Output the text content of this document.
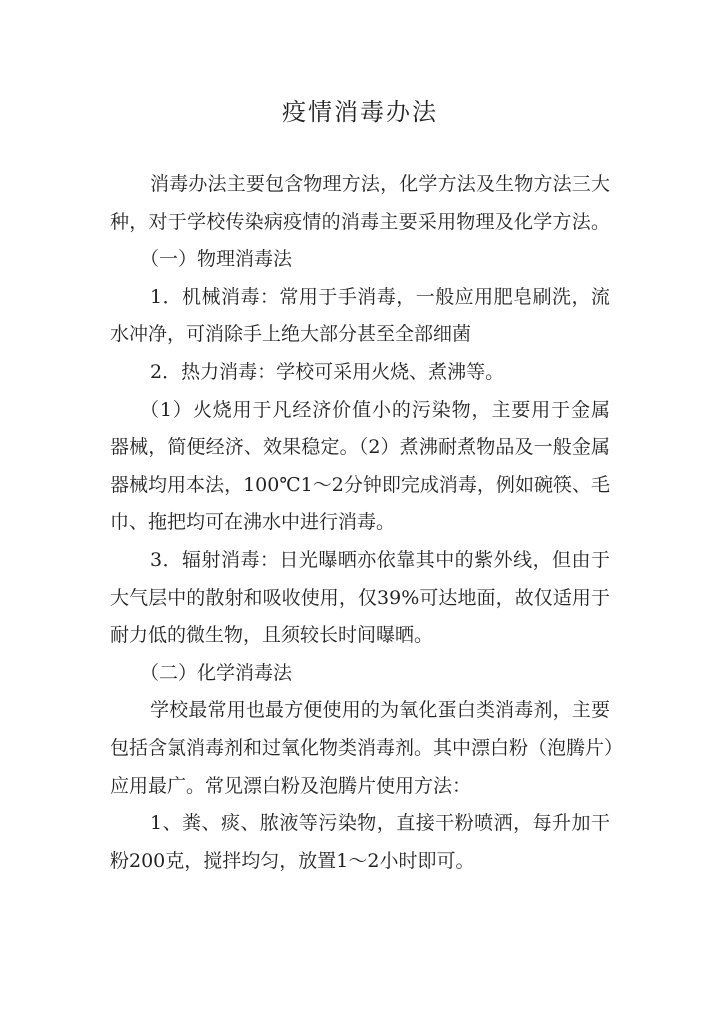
疫情消毒办法
消毒办法主要包含物理方法，化学方法及生物方法三大
种，对于学校传染病疫情的消毒主要采用物理及化学方法。
（一）物理消毒法
1．机械消毒：常用于手消毒，一般应用肥皂刷洗，流
水冲净，可消除手上绝大部分甚至全部细菌
2．热力消毒：学校可采用火烧、煮沸等。
（1）火烧用于凡经济价值小的污染物，主要用于金属
器械，简便经济、效果稳定。（2）煮沸耐煮物品及一般金属
器械均用本法，100℃1～2分钟即完成消毒，例如碗筷、毛
巾、拖把均可在沸水中进行消毒。
3．辐射消毒：日光曝晒亦依靠其中的紫外线，但由于
大气层中的散射和吸收使用，仅39%可达地面，故仅适用于
耐力低的微生物，且须较长时间曝晒。
（二）化学消毒法
学校最常用也最方便使用的为氧化蛋白类消毒剂，主要
包括含氯消毒剂和过氧化物类消毒剂。其中漂白粉（泡腾片）
应用最广。常见漂白粉及泡腾片使用方法：
1、粪、痰、脓液等污染物，直接干粉喷洒，每升加干
粉200克，搅拌均匀，放置1～2小时即可。
